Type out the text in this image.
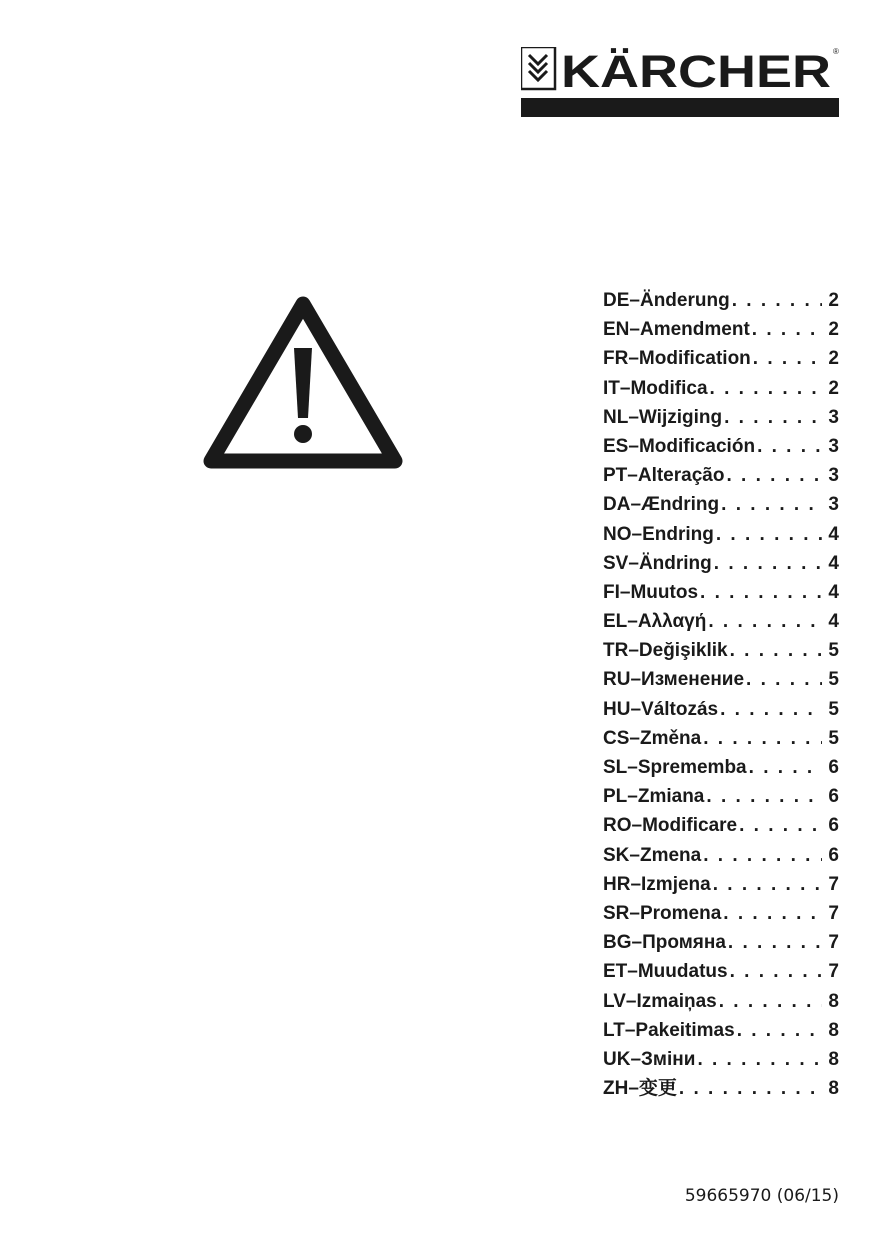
KÄRCHER ®
DE – Änderung . . .	2
EN – Amendment . . .	2
FR – Modification . . .	2
IT – Modifica . . .	2
NL – Wijziging . . .	3
ES – Modificación . . .	3
PT – Alteração . . .	3
DA – Ændring . . .	3
NO – Endring . . .	4
SV – Ändring . . .	4
FI – Muutos . . .	4
EL – Αλλαγή . . .	4
TR – Değişiklik . . .	5
RU – Изменение . . .	5
HU – Változás . . .	5
CS – Změna . . .	5
SL – Sprememba . . .	6
PL – Zmiana . . .	6
RO – Modificare . . .	6
SK – Zmena . . .	6
HR – Izmjena . . .	7
SR – Promena . . .	7
BG – Промяна . . .	7
ET – Muudatus . . .	7
LV – Izmaiņas . . .	8
LT – Pakeitimas . . .	8
UK – Зміни . . .	8
ZH – 变更 . . .	8
59665970 (06/15)
